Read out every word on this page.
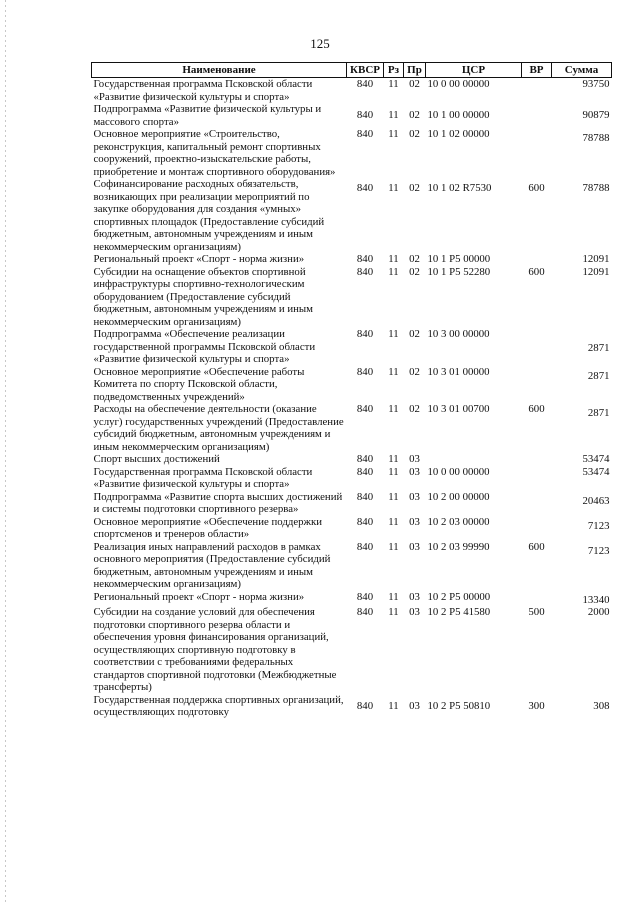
125
Наименование	КВСР	Рз	Пр	ЦСР	ВР	Сумма
Государственная программа Псковской области «Развитие физической культуры и спорта»	840	11	02	10 0 00 00000		93750
Подпрограмма «Развитие физической культуры и массового спорта»	840	11	02	10 1 00 00000		90879
Основное мероприятие «Строительство, реконструкция, капитальный ремонт спортивных сооружений, проектно-изыскательские работы, приобретение и монтаж спортивного оборудования»	840	11	02	10 1 02 00000		78788
Софинансирование расходных обязательств, возникающих при реализации мероприятий по закупке оборудования для создания «умных» спортивных площадок (Предоставление субсидий бюджетным, автономным учреждениям и иным некоммерческим организациям)	840	11	02	10 1 02 R7530	600	78788
Региональный проект «Спорт - норма жизни»	840	11	02	10 1 P5 00000		12091
Субсидии на оснащение объектов спортивной инфраструктуры спортивно-технологическим оборудованием (Предоставление субсидий бюджетным, автономным учреждениям и иным некоммерческим организациям)	840	11	02	10 1 P5 52280	600	12091
Подпрограмма «Обеспечение реализации государственной программы Псковской области «Развитие физической культуры и спорта»	840	11	02	10 3 00 00000		2871
Основное мероприятие «Обеспечение работы Комитета по спорту Псковской области, подведомственных учреждений»	840	11	02	10 3 01 00000		2871
Расходы на обеспечение деятельности (оказание услуг) государственных учреждений (Предоставление субсидий бюджетным, автономным учреждениям и иным некоммерческим организациям)	840	11	02	10 3 01 00700	600	2871
Спорт высших достижений	840	11	03			53474
Государственная программа Псковской области «Развитие физической культуры и спорта»	840	11	03	10 0 00 00000		53474
Подпрограмма «Развитие спорта высших достижений и системы подготовки спортивного резерва»	840	11	03	10 2 00 00000		20463
Основное мероприятие «Обеспечение поддержки спортсменов и тренеров области»	840	11	03	10 2 03 00000		7123
Реализация иных направлений расходов в рамках основного мероприятия (Предоставление субсидий бюджетным, автономным учреждениям и иным некоммерческим организациям)	840	11	03	10 2 03 99990	600	7123
Региональный проект «Спорт - норма жизни»	840	11	03	10 2 P5 00000		13340
Субсидии на создание условий для обеспечения подготовки спортивного резерва области и обеспечения уровня финансирования организаций, осуществляющих спортивную подготовку в соответствии с требованиями федеральных стандартов спортивной подготовки (Межбюджетные трансферты)	840	11	03	10 2 P5 41580	500	2000
Государственная поддержка спортивных организаций, осуществляющих подготовку	840	11	03	10 2 P5 50810	300	308
